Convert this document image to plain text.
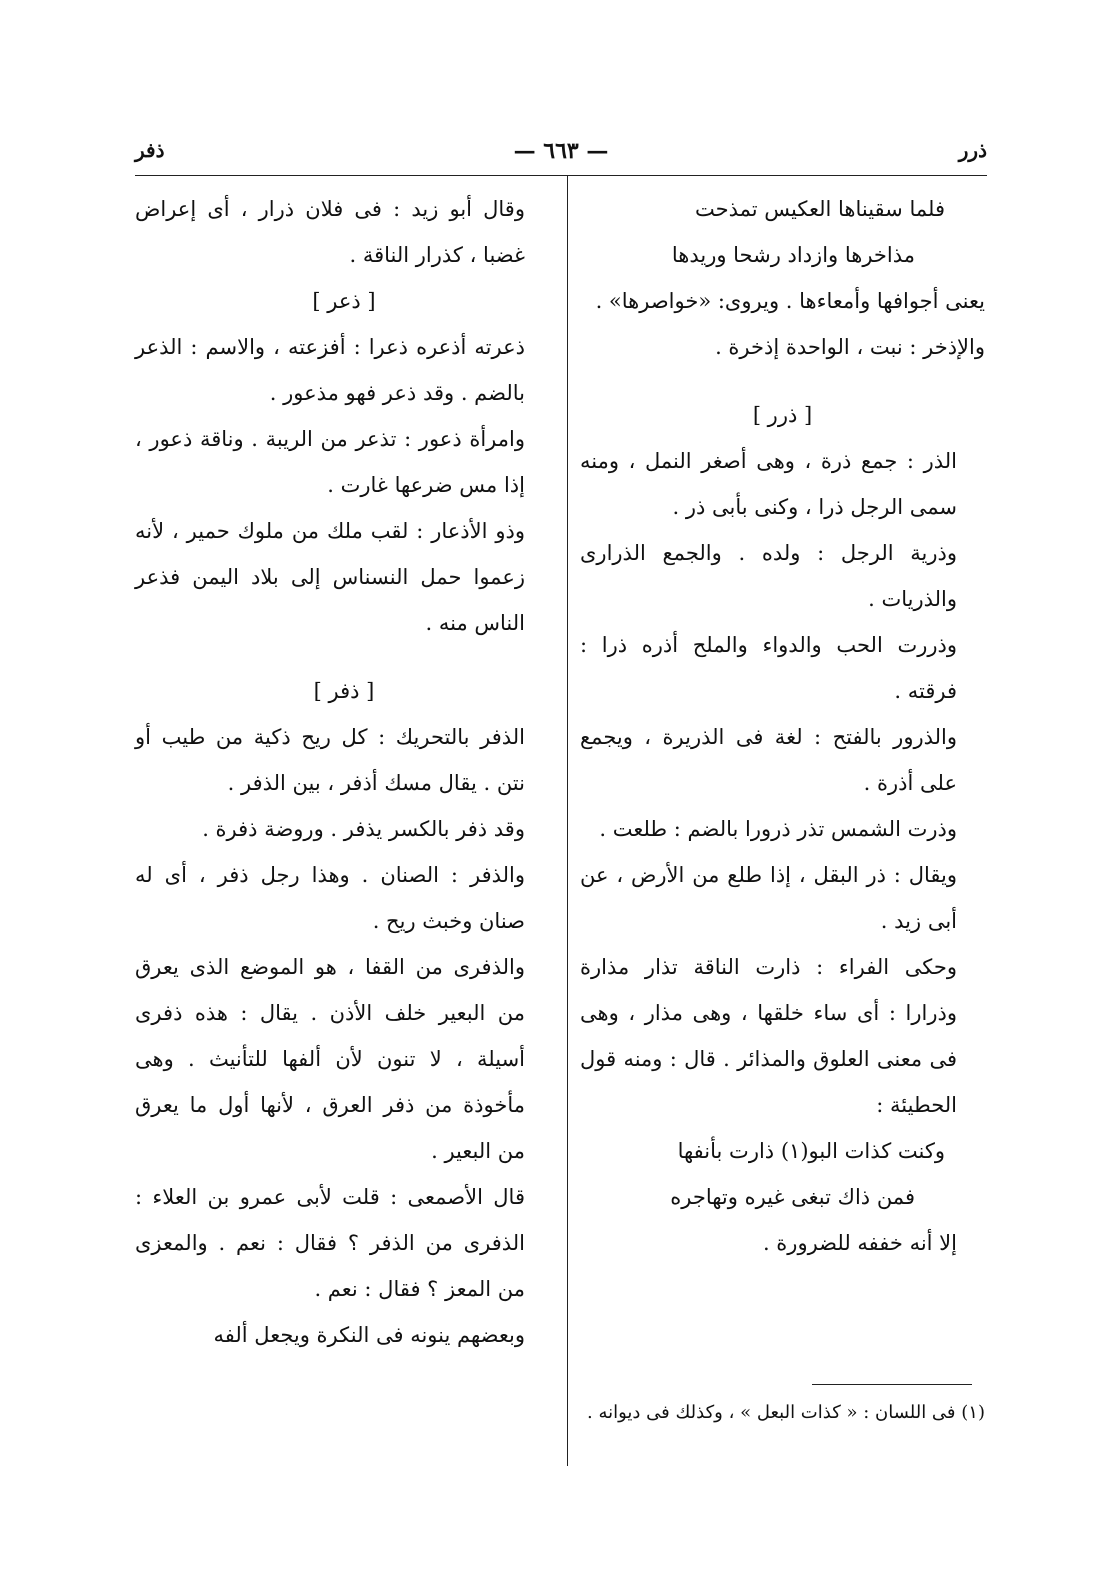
ذرر
— ٦٦٣ —
ذفر

فلما سقيناها العكيس تمذحت

مذاخرها وازداد رشحا وريدها

يعنى أجوافها وأمعاءها . ويروى: «خواصرها» .

والإذخر : نبت ، الواحدة إذخرة .

[ ذرر ]

الذر : جمع ذرة ، وهى أصغر النمل ، ومنه سمى الرجل ذرا ، وكنى بأبى ذر .

وذرية الرجل : ولده . والجمع الذرارى والذريات .

وذررت الحب والدواء والملح أذره ذرا : فرقته .

والذرور بالفتح : لغة فى الذريرة ، ويجمع على أذرة .

وذرت الشمس تذر ذرورا بالضم : طلعت .

ويقال : ذر البقل ، إذا طلع من الأرض ، عن أبى زيد .

وحكى الفراء : ذارت الناقة تذار مذارة وذرارا : أى ساء خلقها ، وهى مذار ، وهى فى معنى العلوق والمذائر . قال : ومنه قول الحطيئة :

وكنت كذات البو(١) ذارت بأنفها

فمن ذاك تبغى غيره وتهاجره

إلا أنه خففه للضرورة .

وقال أبو زيد : فى فلان ذرار ، أى إعراض غضبا ، كذرار الناقة .

[ ذعر ]

ذعرته أذعره ذعرا : أفزعته ، والاسم : الذعر بالضم . وقد ذعر فهو مذعور .

وامرأة ذعور : تذعر من الريبة . وناقة ذعور ، إذا مس ضرعها غارت .

وذو الأذعار : لقب ملك من ملوك حمير ، لأنه زعموا حمل النسناس إلى بلاد اليمن فذعر الناس منه .

[ ذفر ]

الذفر بالتحريك : كل ريح ذكية من طيب أو نتن . يقال مسك أذفر ، بين الذفر .

وقد ذفر بالكسر يذفر . وروضة ذفرة .

والذفر : الصنان . وهذا رجل ذفر ، أى له صنان وخبث ريح .

والذفرى من القفا ، هو الموضع الذى يعرق من البعير خلف الأذن . يقال : هذه ذفرى أسيلة ، لا تنون لأن ألفها للتأنيث . وهى مأخوذة من ذفر العرق ، لأنها أول ما يعرق من البعير .

قال الأصمعى : قلت لأبى عمرو بن العلاء : الذفرى من الذفر ؟ فقال : نعم . والمعزى من المعز ؟ فقال : نعم .

وبعضهم ينونه فى النكرة ويجعل ألفه

(١) فى اللسان : « كذات البعل » ، وكذلك فى ديوانه .
